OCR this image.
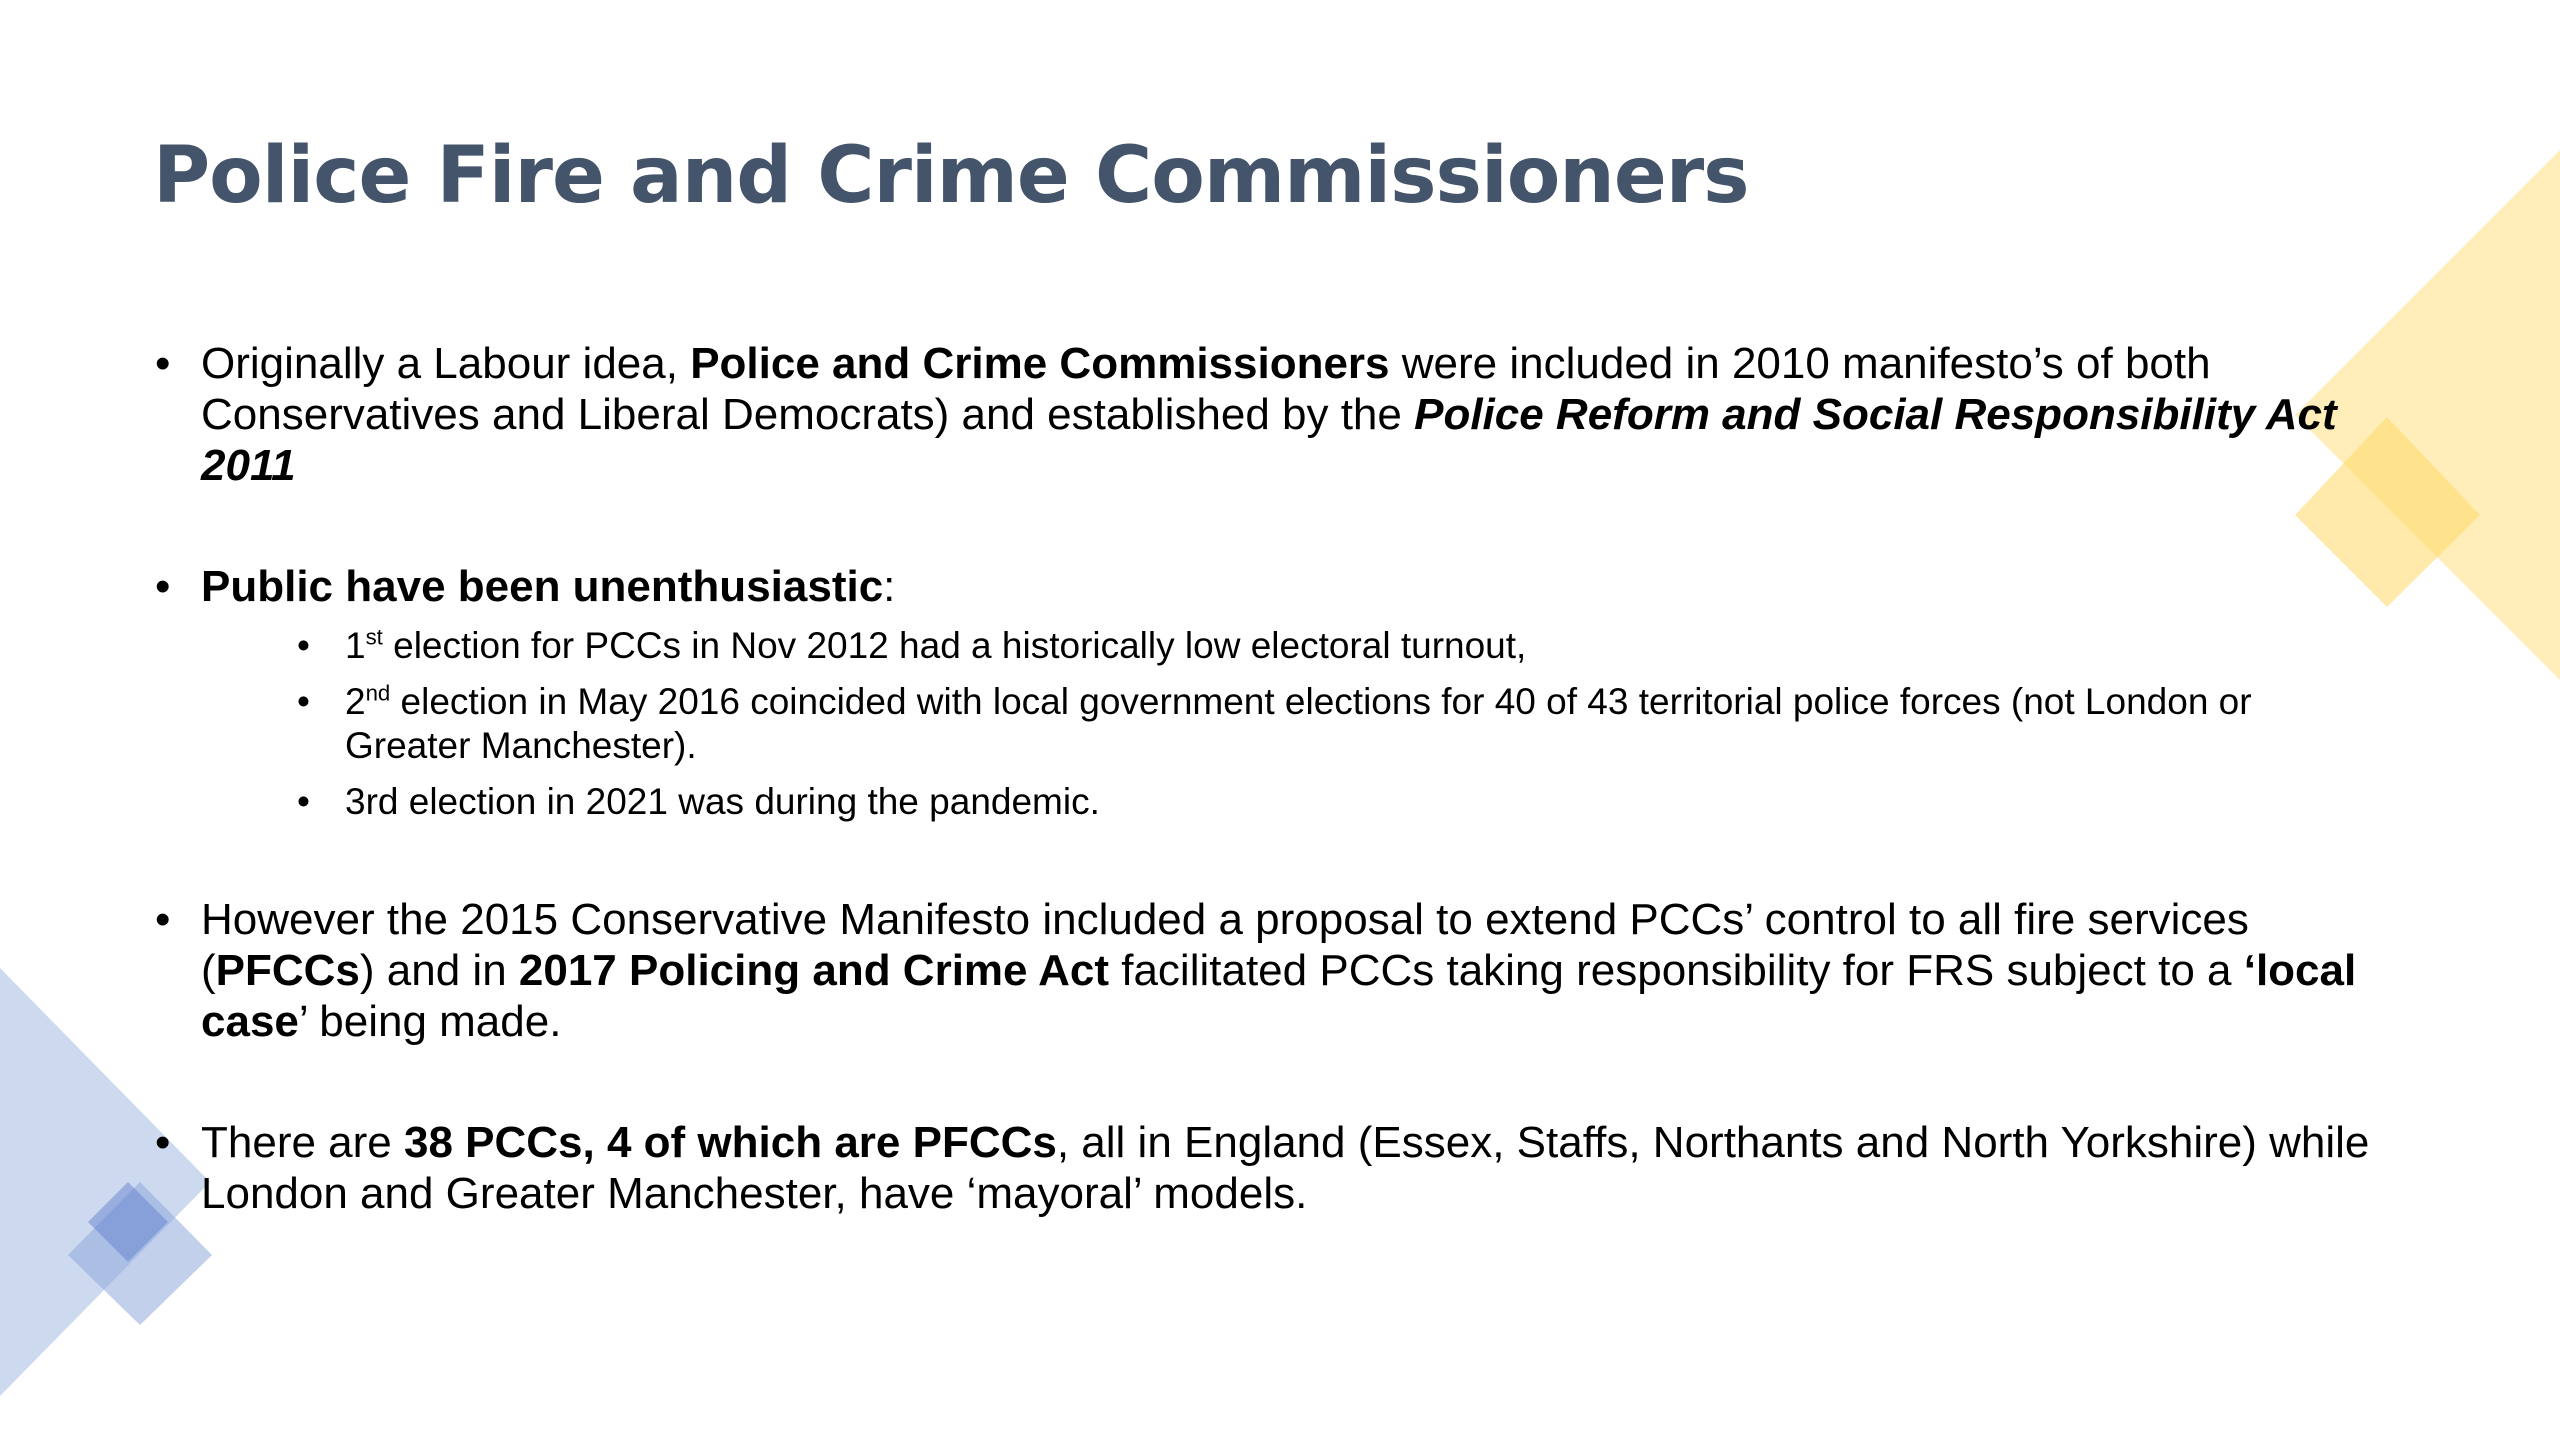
Police Fire and Crime Commissioners
• Originally a Labour idea, Police and Crime Commissioners were included in 2010 manifesto’s of both Conservatives and Liberal Democrats) and established by the Police Reform and Social Responsibility Act 2011
• Public have been unenthusiastic:
• 1st election for PCCs in Nov 2012 had a historically low electoral turnout,
• 2nd election in May 2016 coincided with local government elections for 40 of 43 territorial police forces (not London or Greater Manchester).
• 3rd election in 2021 was during the pandemic.
• However the 2015 Conservative Manifesto included a proposal to extend PCCs’ control to all fire services (PFCCs) and in 2017 Policing and Crime Act facilitated PCCs taking responsibility for FRS subject to a ‘local case’ being made.
• There are 38 PCCs, 4 of which are PFCCs, all in England (Essex, Staffs, Northants and North Yorkshire) while London and Greater Manchester, have ‘mayoral’ models.
